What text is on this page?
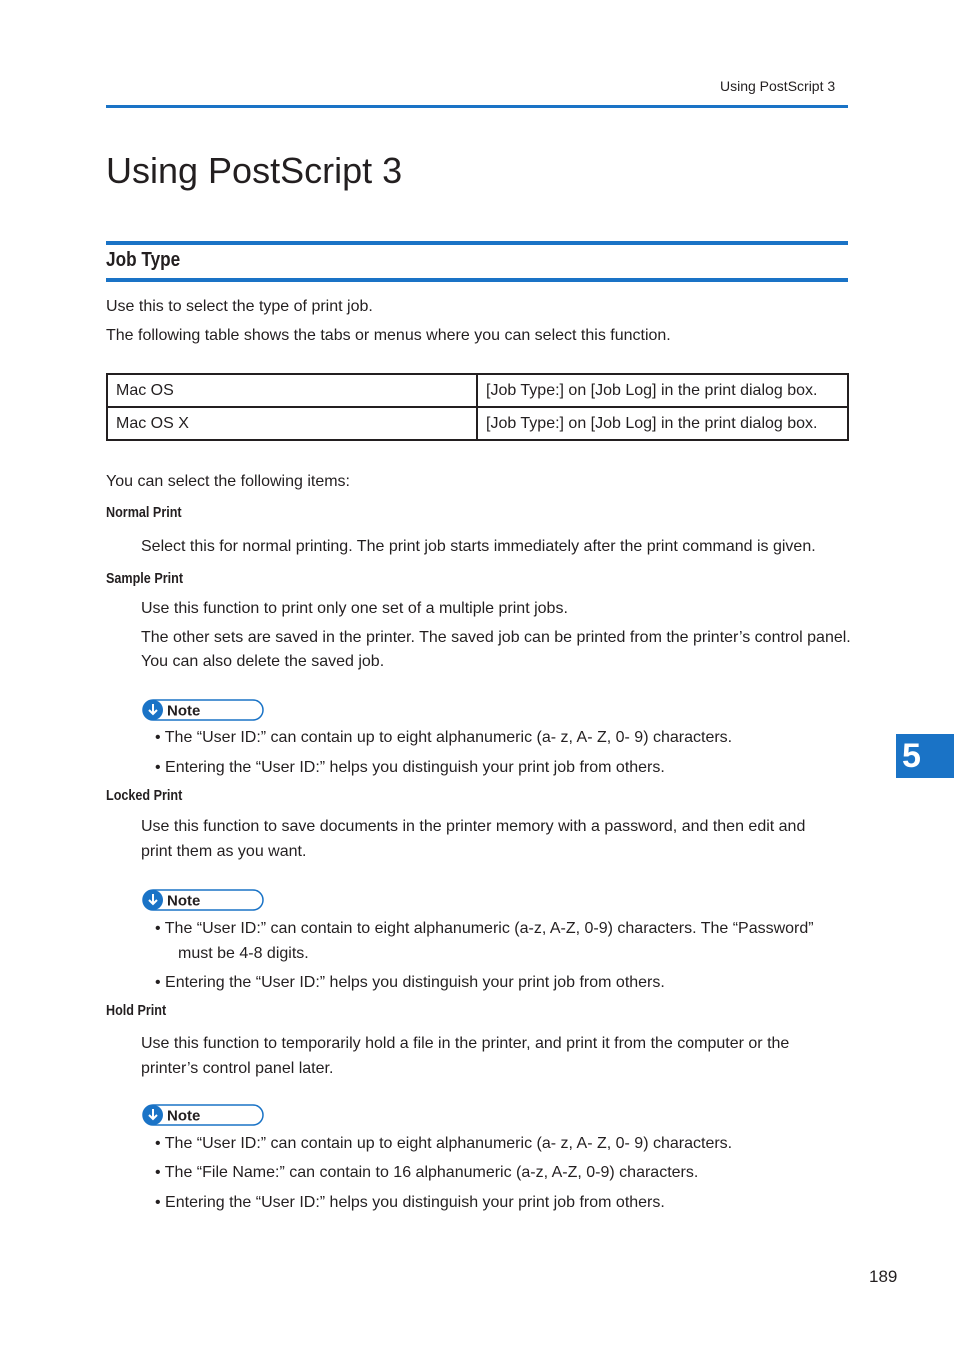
Using PostScript 3
Using PostScript 3
Job Type
Use this to select the type of print job.
The following table shows the tabs or menus where you can select this function.
Mac OS	[Job Type:] on [Job Log] in the print dialog box.
Mac OS X	[Job Type:] on [Job Log] in the print dialog box.
You can select the following items:
Normal Print
Select this for normal printing. The print job starts immediately after the print command is given.
Sample Print
Use this function to print only one set of a multiple print jobs.
The other sets are saved in the printer. The saved job can be printed from the printer’s control panel.
You can also delete the saved job.
Note
• The “User ID:” can contain up to eight alphanumeric (a- z, A- Z, 0- 9) characters.
• Entering the “User ID:” helps you distinguish your print job from others.
Locked Print
Use this function to save documents in the printer memory with a password, and then edit and
print them as you want.
Note
• The “User ID:” can contain to eight alphanumeric (a-z, A-Z, 0-9) characters. The “Password”
must be 4-8 digits.
• Entering the “User ID:” helps you distinguish your print job from others.
Hold Print
Use this function to temporarily hold a file in the printer, and print it from the computer or the
printer’s control panel later.
Note
• The “User ID:” can contain up to eight alphanumeric (a- z, A- Z, 0- 9) characters.
• The “File Name:” can contain to 16 alphanumeric (a-z, A-Z, 0-9) characters.
• Entering the “User ID:” helps you distinguish your print job from others.
5
189
